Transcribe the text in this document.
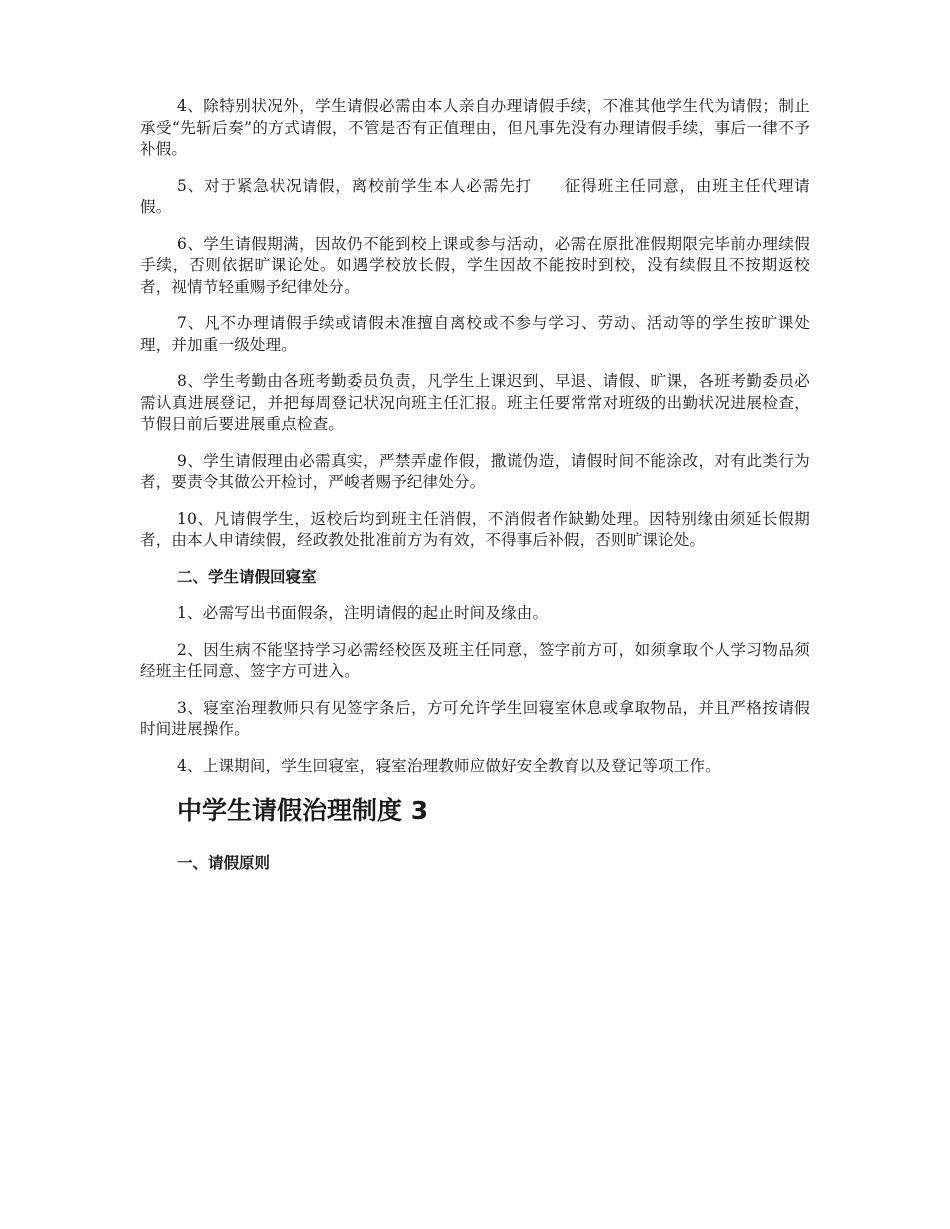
4、除特别状况外，学生请假必需由本人亲自办理请假手续，不准其他学生代为请假；制止承受“先斩后奏”的方式请假，不管是否有正值理由，但凡事先没有办理请假手续，事后一律不予补假。

5、对于紧急状况请假，离校前学生本人必需先打　　征得班主任同意，由班主任代理请假。

6、学生请假期满，因故仍不能到校上课或参与活动，必需在原批准假期限完毕前办理续假手续，否则依据旷课论处。如遇学校放长假，学生因故不能按时到校，没有续假且不按期返校者，视情节轻重赐予纪律处分。

7、凡不办理请假手续或请假未准擅自离校或不参与学习、劳动、活动等的学生按旷课处理，并加重一级处理。

8、学生考勤由各班考勤委员负责，凡学生上课迟到、早退、请假、旷课，各班考勤委员必需认真进展登记，并把每周登记状况向班主任汇报。班主任要常常对班级的出勤状况进展检查，节假日前后要进展重点检查。

9、学生请假理由必需真实，严禁弄虚作假，撒谎伪造，请假时间不能涂改，对有此类行为者，要责令其做公开检讨，严峻者赐予纪律处分。

10、凡请假学生，返校后均到班主任消假，不消假者作缺勤处理。因特别缘由须延长假期者，由本人申请续假，经政教处批准前方为有效，不得事后补假，否则旷课论处。

二、学生请假回寝室

1、必需写出书面假条，注明请假的起止时间及缘由。

2、因生病不能坚持学习必需经校医及班主任同意，签字前方可，如须拿取个人学习物品须经班主任同意、签字方可进入。

3、寝室治理教师只有见签字条后，方可允许学生回寝室休息或拿取物品，并且严格按请假时间进展操作。

4、上课期间，学生回寝室，寝室治理教师应做好安全教育以及登记等项工作。

中学生请假治理制度 3
一、请假原则
